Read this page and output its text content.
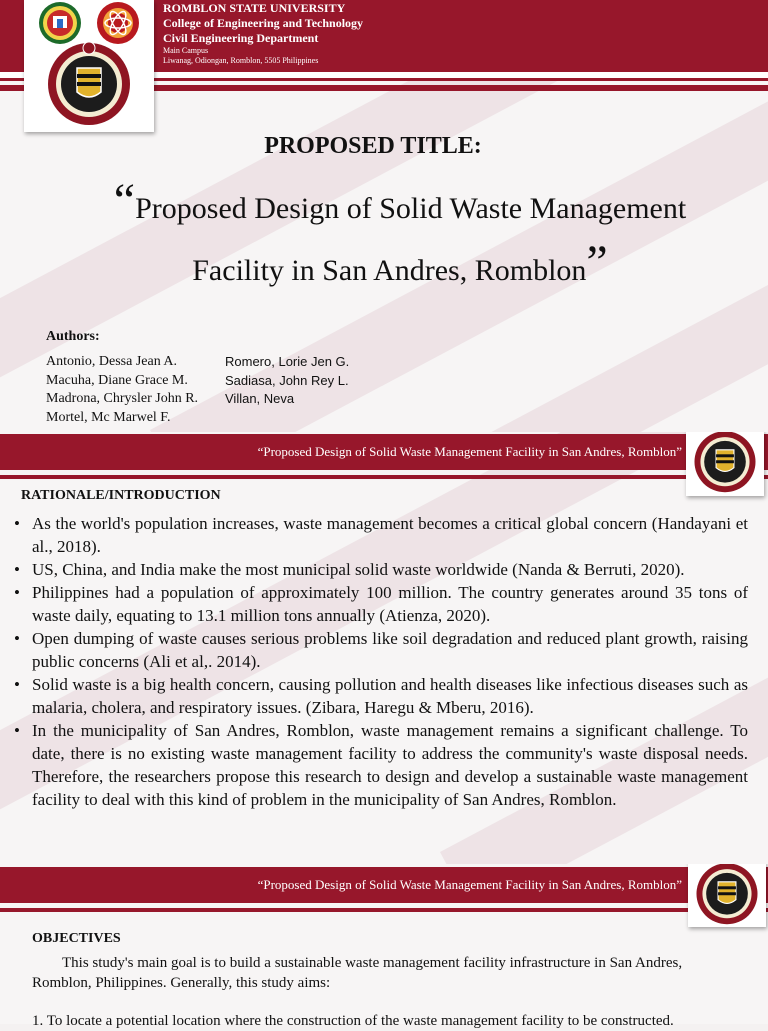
ROMBLON STATE UNIVERSITY
College of Engineering and Technology
Civil Engineering Department
Main Campus
Liwanag, Odiongan, Romblon, 5505 Philippines
PROPOSED TITLE:
“Proposed Design of Solid Waste Management
Facility in San Andres, Romblon”
Authors:
Antonio, Dessa Jean A.
Macuha, Diane Grace M.
Madrona, Chrysler John R.
Mortel, Mc Marwel F.
Romero, Lorie Jen G.
Sadiasa, John Rey L.
Villan, Neva
“Proposed Design of Solid Waste Management Facility in San Andres, Romblon”
RATIONALE/INTRODUCTION
• As the world's population increases, waste management becomes a critical global concern (Handayani et al., 2018).
• US, China, and India make the most municipal solid waste worldwide (Nanda & Berruti, 2020).
• Philippines had a population of approximately 100 million. The country generates around 35 tons of waste daily, equating to 13.1 million tons annually (Atienza, 2020).
• Open dumping of waste causes serious problems like soil degradation and reduced plant growth, raising public concerns (Ali et al,. 2014).
• Solid waste is a big health concern, causing pollution and health diseases like infectious diseases such as malaria, cholera, and respiratory issues. (Zibara, Haregu & Mberu, 2016).
• In the municipality of San Andres, Romblon, waste management remains a significant challenge. To date, there is no existing waste management facility to address the community's waste disposal needs. Therefore, the researchers propose this research to design and develop a sustainable waste management facility to deal with this kind of problem in the municipality of San Andres, Romblon.
“Proposed Design of Solid Waste Management Facility in San Andres, Romblon”
OBJECTIVES
This study's main goal is to build a sustainable waste management facility infrastructure in San Andres, Romblon, Philippines. Generally, this study aims:
1. To locate a potential location where the construction of the waste management facility to be constructed.
